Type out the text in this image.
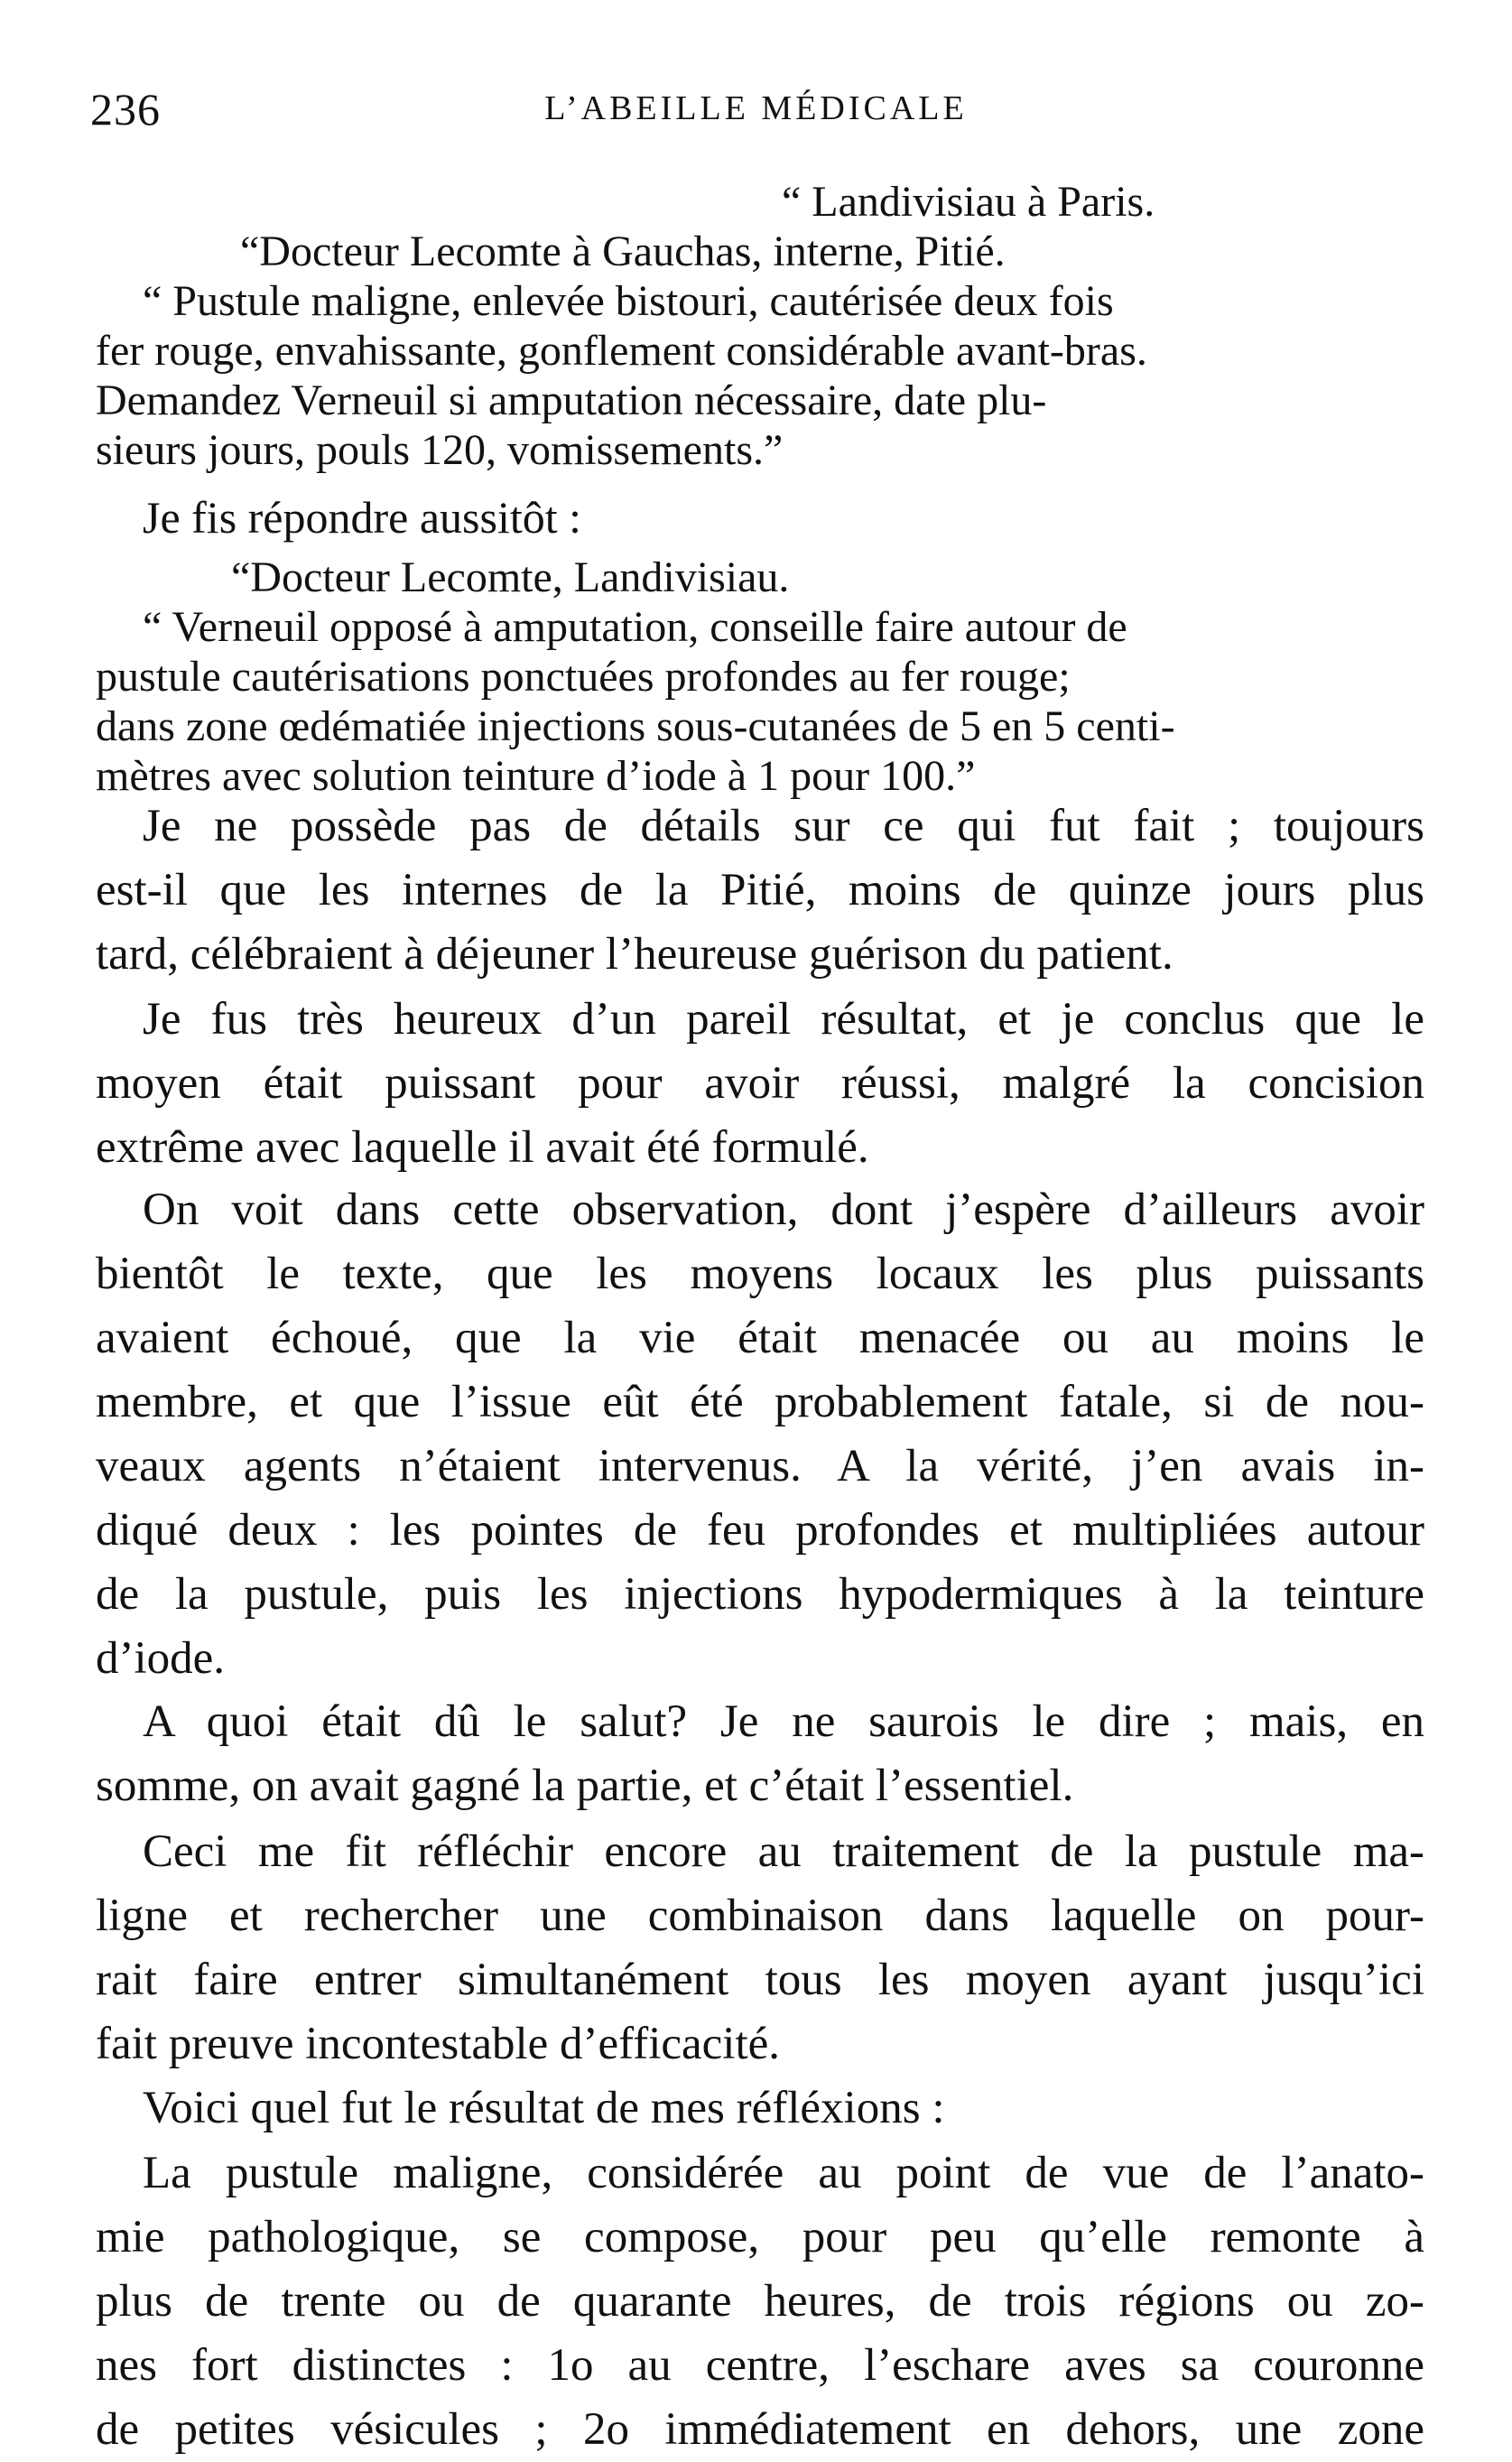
236	L’ABEILLE MÉDICALE
“ Landivisiau à Paris.
“Docteur Lecomte à Gauchas, interne, Pitié.
“ Pustule maligne, enlevée bistouri, cautérisée deux fois
fer rouge, envahissante, gonflement considérable avant-bras.
Demandez Verneuil si amputation nécessaire, date plu-
sieurs jours, pouls 120, vomissements.”
Je fis répondre aussitôt :
“Docteur Lecomte, Landivisiau.
“ Verneuil opposé à amputation, conseille faire autour de
pustule cautérisations ponctuées profondes au fer rouge;
dans zone œdématiée injections sous-cutanées de 5 en 5 centi-
mètres avec solution teinture d’iode à 1 pour 100.”
Je ne possède pas de détails sur ce qui fut fait ; toujours
est-il que les internes de la Pitié, moins de quinze jours plus
tard, célébraient à déjeuner l’heureuse guérison du patient.
Je fus très heureux d’un pareil résultat, et je conclus que le
moyen était puissant pour avoir réussi, malgré la concision
extrême avec laquelle il avait été formulé.
On voit dans cette observation, dont j’espère d’ailleurs avoir
bientôt le texte, que les moyens locaux les plus puissants
avaient échoué, que la vie était menacée ou au moins le
membre, et que l’issue eût été probablement fatale, si de nou-
veaux agents n’étaient intervenus. A la vérité, j’en avais in-
diqué deux : les pointes de feu profondes et multipliées autour
de la pustule, puis les injections hypodermiques à la teinture
d’iode.
A quoi était dû le salut? Je ne saurois le dire ; mais, en
somme, on avait gagné la partie, et c’était l’essentiel.
Ceci me fit réfléchir encore au traitement de la pustule ma-
ligne et rechercher une combinaison dans laquelle on pour-
rait faire entrer simultanément tous les moyen ayant jusqu’ici
fait preuve incontestable d’efficacité.
Voici quel fut le résultat de mes réfléxions :
La pustule maligne, considérée au point de vue de l’anato-
mie pathologique, se compose, pour peu qu’elle remonte à
plus de trente ou de quarante heures, de trois régions ou zo-
nes fort distinctes : 1o au centre, l’eschare aves sa couronne
de petites vésicules ; 2o immédiatement en dehors, une zone
